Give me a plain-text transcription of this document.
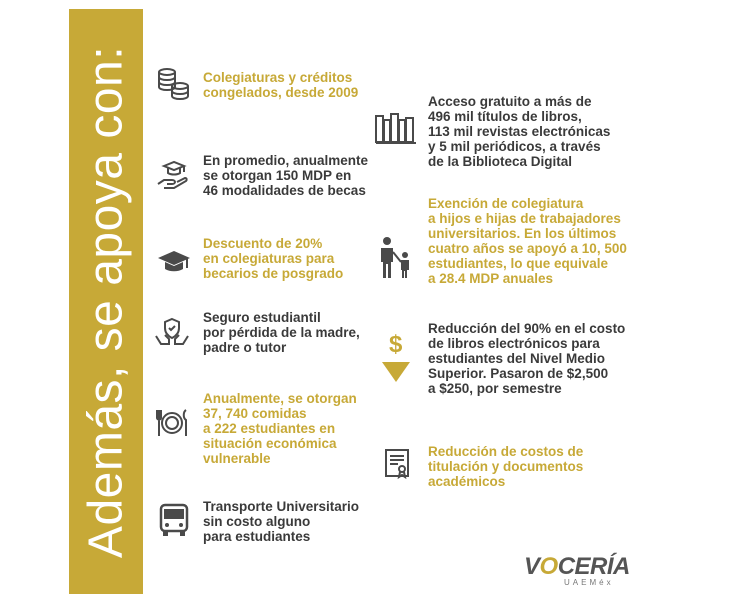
Además, se apoya con:	Colegiaturas y créditos
congelados, desde 2009
En promedio, anualmente
se otorgan 150 MDP en
46 modalidades de becas
Descuento de 20%
en colegiaturas para
becarios de posgrado
Seguro estudiantil
por pérdida de la madre,
padre o tutor
Anualmente, se otorgan
37, 740 comidas
a 222 estudiantes en
situación económica
vulnerable
Transporte Universitario
sin costo alguno
para estudiantes
Acceso gratuito a más de
496 mil títulos de libros,
113 mil revistas electrónicas
y 5 mil periódicos, a través
de la Biblioteca Digital
Exención de colegiatura
a hijos e hijas de trabajadores
universitarios. En los últimos
cuatro años se apoyó a 10, 500
estudiantes, lo que equivale
a 28.4 MDP anuales
$
Reducción del 90% en el costo
de libros electrónicos para
estudiantes del Nivel Medio
Superior. Pasaron de $2,500
a $250, por semestre
Reducción de costos de
titulación y documentos
académicos
VOCERÍA
UAEMéx
